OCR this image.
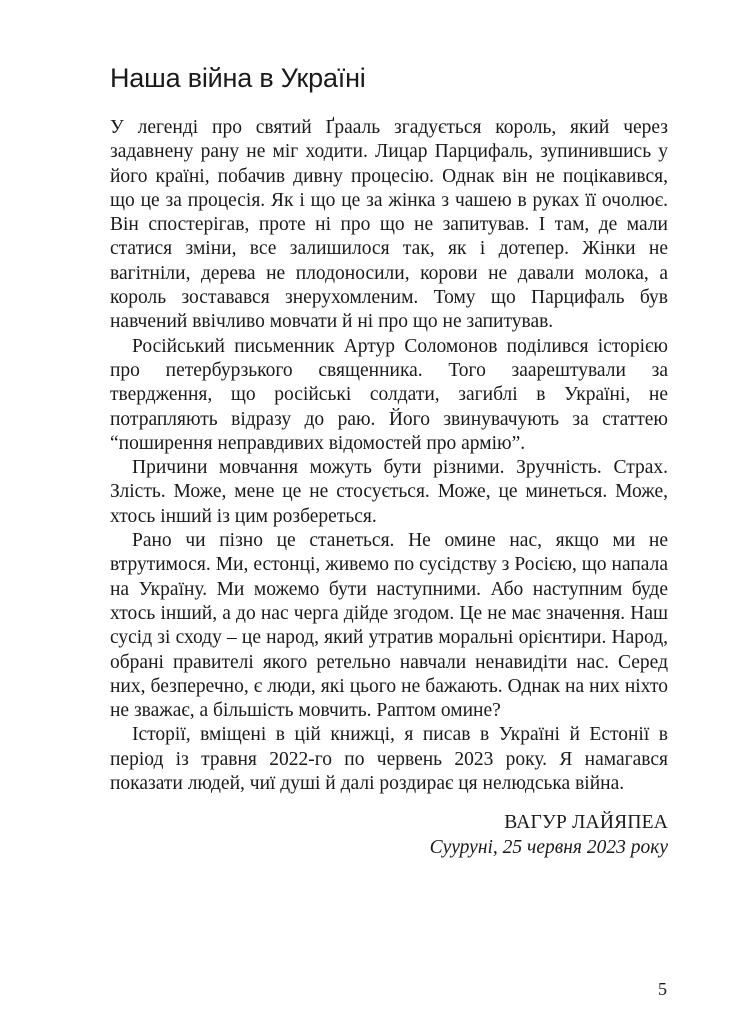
Наша війна в Україні

У легенді про святий Ґрааль згадується король, який через задавнену рану не міг ходити. Лицар Парцифаль, зупинившись у його країні, побачив дивну процесію. Однак він не поцікавився, що це за процесія. Як і що це за жінка з чашею в руках її очолює. Він спостерігав, проте ні про що не запитував. І там, де мали статися зміни, все залишилося так, як і дотепер. Жінки не вагітніли, дерева не плодоносили, корови не давали молока, а король зоставався знерухомленим. Тому що Парцифаль був навчений ввічливо мовчати й ні про що не запитував.

Російський письменник Артур Соломонов поділився історією про петербурзького священника. Того заарештували за твердження, що російські солдати, загиблі в Україні, не потрапляють відразу до раю. Його звинувачують за статтею “поширення неправдивих відомостей про армію”.

Причини мовчання можуть бути різними. Зручність. Страх. Злість. Може, мене це не стосується. Може, це минеться. Може, хтось інший із цим розбереться.

Рано чи пізно це станеться. Не омине нас, якщо ми не втрутимося. Ми, естонці, живемо по сусідству з Росією, що напала на Україну. Ми можемо бути наступними. Або наступним буде хтось інший, а до нас черга дійде згодом. Це не має значення. Наш сусід зі сходу – це народ, який утратив моральні орієнтири. Народ, обрані правителі якого ретельно навчали ненавидіти нас. Серед них, безперечно, є люди, які цього не бажають. Однак на них ніхто не зважає, а більшість мовчить. Раптом омине?

Історії, вміщені в цій книжці, я писав в Україні й Естонії в період із травня 2022-го по червень 2023 року. Я намагався показати людей, чиї душі й далі роздирає ця нелюдська війна.

ВАГУР ЛАЙЯПЕА
Сууруні, 25 червня 2023 року
5
